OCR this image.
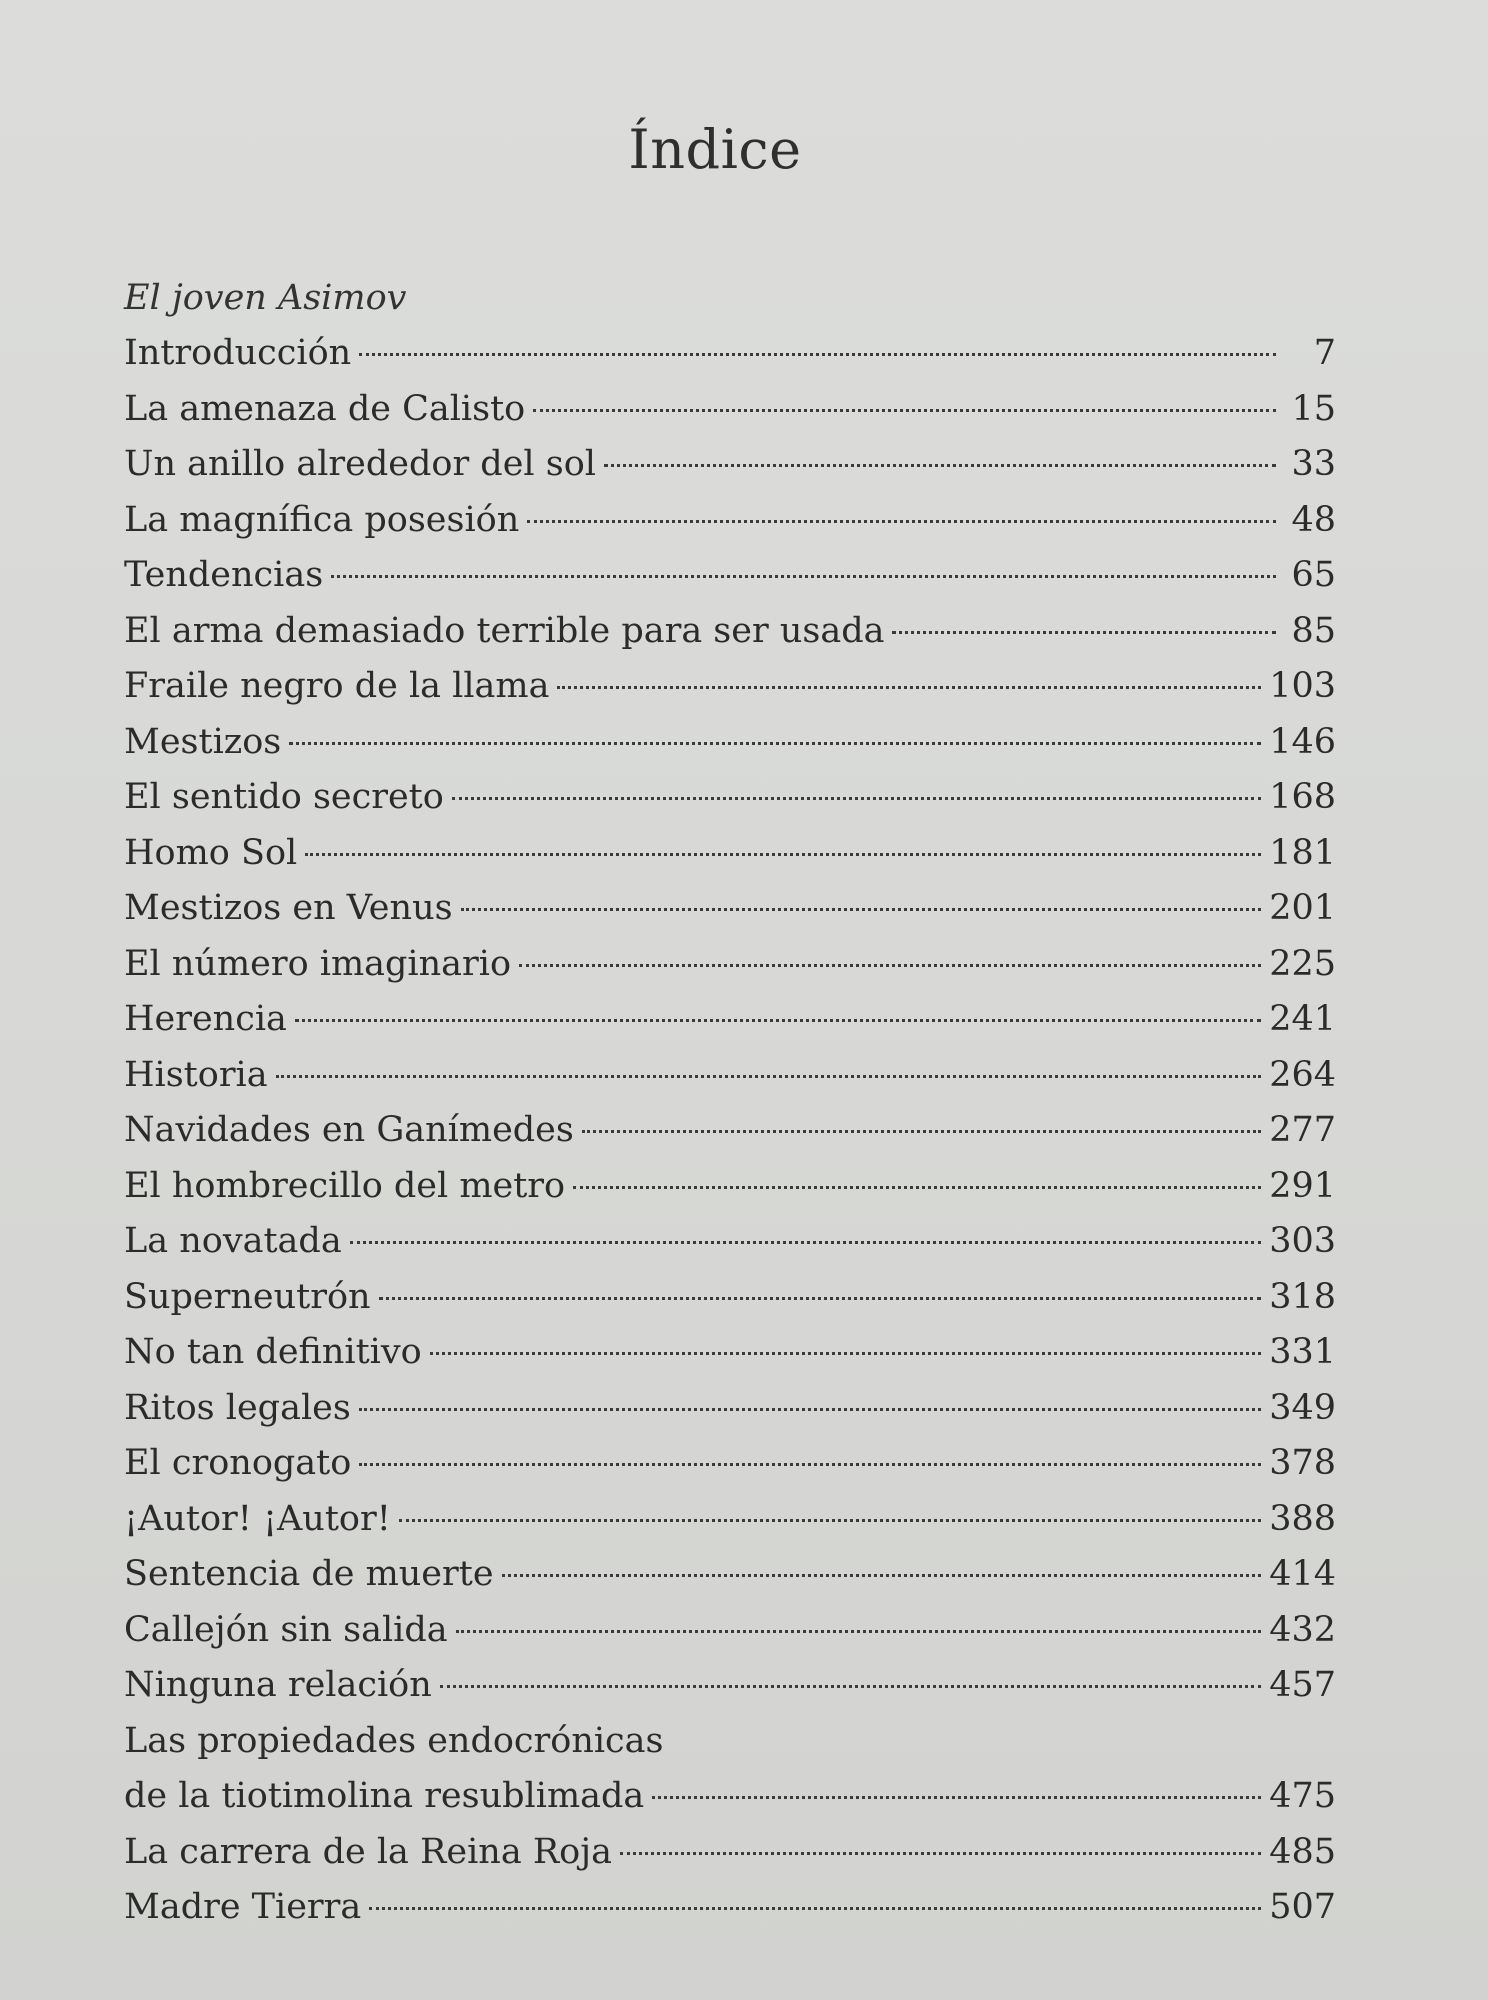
Índice
El joven Asimov
Introducción	7
La amenaza de Calisto	15
Un anillo alrededor del sol	33
La magnífica posesión	48
Tendencias	65
El arma demasiado terrible para ser usada	85
Fraile negro de la llama	103
Mestizos	146
El sentido secreto	168
Homo Sol	181
Mestizos en Venus	201
El número imaginario	225
Herencia	241
Historia	264
Navidades en Ganímedes	277
El hombrecillo del metro	291
La novatada	303
Superneutrón	318
No tan definitivo	331
Ritos legales	349
El cronogato	378
¡Autor! ¡Autor!	388
Sentencia de muerte	414
Callejón sin salida	432
Ninguna relación	457
Las propiedades endocrónicas
de la tiotimolina resublimada	475
La carrera de la Reina Roja	485
Madre Tierra	507
